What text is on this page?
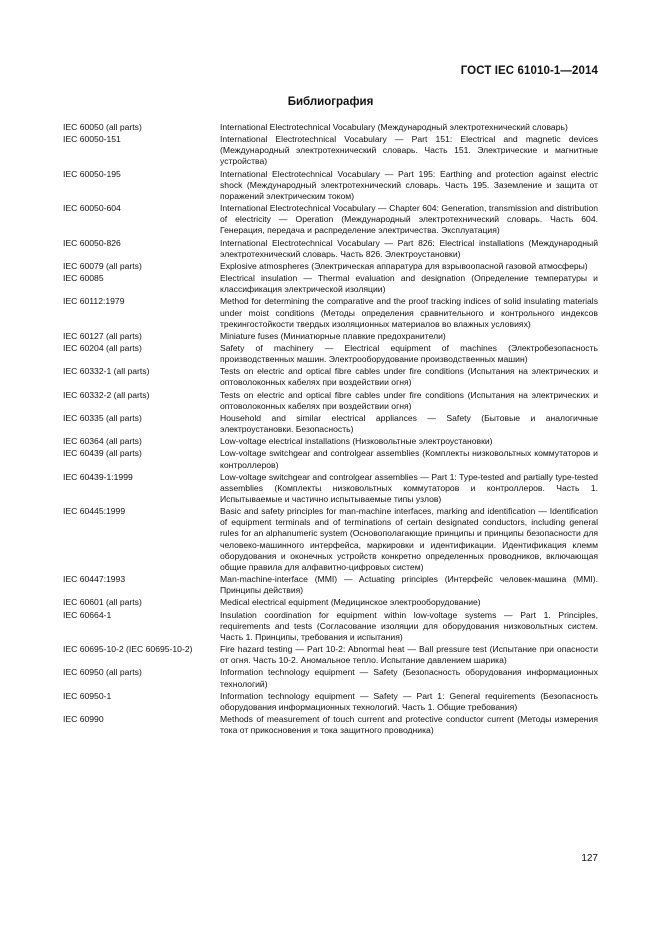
ГОСТ IEC 61010-1—2014
Библиография
IEC 60050 (all parts)	International Electrotechnical Vocabulary (Международный электротехнический словарь)
IEC 60050-151	International Electrotechnical Vocabulary — Part 151: Electrical and magnetic devices (Международный электротехнический словарь. Часть 151. Электрические и магнитные устройства)
IEC 60050-195	International Electrotechnical Vocabulary — Part 195: Earthing and protection against electric shock (Международный электротехнический словарь. Часть 195. Заземление и защита от поражений электрическим током)
IEC 60050-604	International Electrotechnical Vocabulary — Chapter 604: Generation, transmission and distribution of electricity — Operation (Международный электротехнический словарь. Часть 604. Генерация, передача и распределение электричества. Эксплуатация)
IEC 60050-826	International Electrotechnical Vocabulary — Part 826: Electrical installations (Международный электротехнический словарь. Часть 826. Электроустановки)
IEC 60079 (all parts)	Explosive atmospheres (Электрическая аппаратура для взрывоопасной газовой атмосферы)
IEC 60085	Electrical insulation — Thermal evaluation and designation (Определение температуры и классификация электрической изоляции)
IEC 60112:1979	Method for determining the comparative and the proof tracking indices of solid insulating materials under moist conditions (Методы определения сравнительного и контрольного индексов трекингостойкости твердых изоляционных материалов во влажных условиях)
IEC 60127 (all parts)	Miniature fuses (Миниатюрные плавкие предохранители)
IEC 60204 (all parts)	Safety of machinery — Electrical equipment of machines (Электробезопасность производственных машин. Электрооборудование производственных машин)
IEC 60332-1 (all parts)	Tests on electric and optical fibre cables under fire conditions (Испытания на электрических и оптоволоконных кабелях при воздействии огня)
IEC 60332-2 (all parts)	Tests on electric and optical fibre cables under fire conditions (Испытания на электрических и оптоволоконных кабелях при воздействии огня)
IEC 60335 (all parts)	Household and similar electrical appliances — Safety (Бытовые и аналогичные электроустановки. Безопасность)
IEC 60364 (all parts)	Low-voltage electrical installations (Низковольтные электроустановки)
IEC 60439 (all parts)	Low-voltage switchgear and controlgear assemblies (Комплекты низковольтных коммутаторов и контроллеров)
IEC 60439-1:1999	Low-voltage switchgear and controlgear assemblies — Part 1: Type-tested and partially type-tested assemblies (Комплекты низковольтных коммутаторов и контроллеров. Часть 1. Испытываемые и частично испытываемые типы узлов)
IEC 60445:1999	Basic and safety principles for man-machine interfaces, marking and identification — Identification of equipment terminals and of terminations of certain designated conductors, including general rules for an alphanumeric system (Основополагающие принципы и принципы безопасности для человеко-машинного интерфейса, маркировки и идентификации. Идентификация клемм оборудования и оконечных устройств конкретно определенных проводников, включающая общие правила для алфавитно-цифровых систем)
IEC 60447:1993	Man-machine-interface (MMI) — Actuating principles (Интерфейс человек-машина (MMI). Принципы действия)
IEC 60601 (all parts)	Medical electrical equipment (Медицинское электрооборудование)
IEC 60664-1	Insulation coordination for equipment within low-voltage systems — Part 1. Principles, requirements and tests (Согласование изоляции для оборудования низковольтных систем. Часть 1. Принципы, требования и испытания)
IEC 60695-10-2 (IEC 60695-10-2)	Fire hazard testing — Part 10-2: Abnormal heat — Ball pressure test (Испытание при опасности от огня. Часть 10-2. Аномальное тепло. Испытание давлением шарика)
IEC 60950 (all parts)	Information technology equipment — Safety (Безопасность оборудования информационных технологий)
IEC 60950-1	Information technology equipment — Safety — Part 1: General requirements (Безопасность оборудования информационных технологий. Часть 1. Общие требования)
IEC 60990	Methods of measurement of touch current and protective conductor current (Методы измерения тока от прикосновения и тока защитного проводника)
127
